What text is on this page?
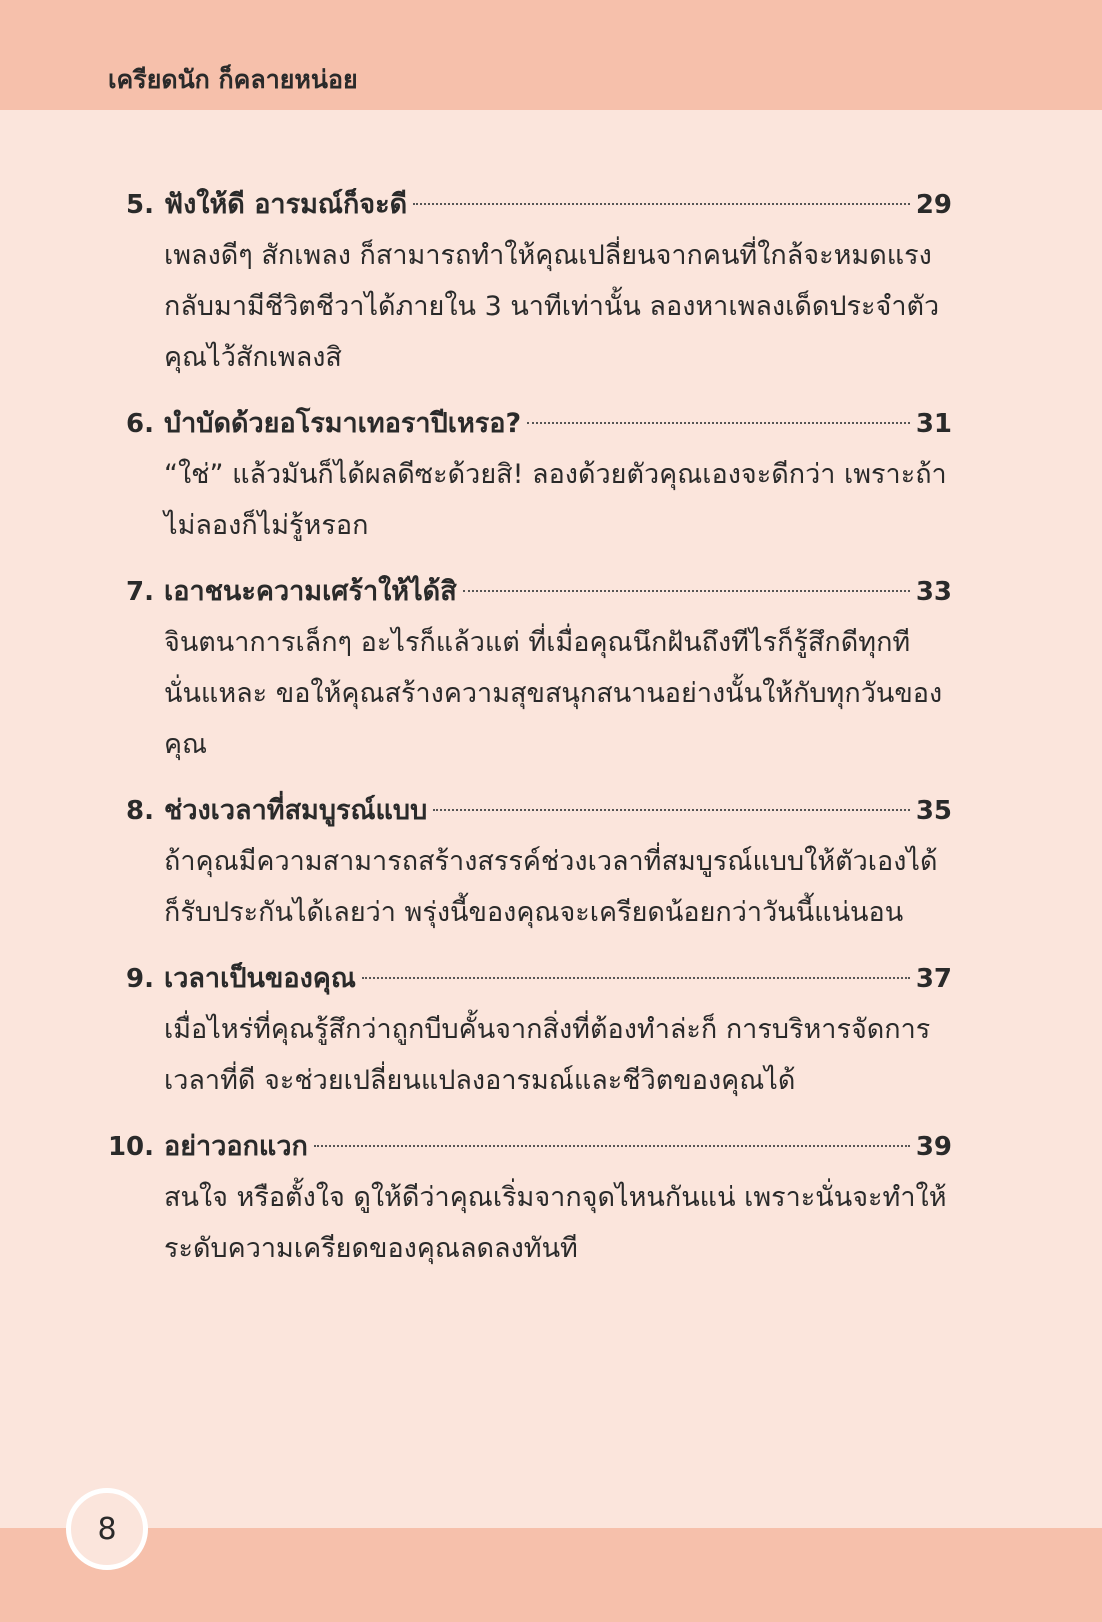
เครียดนัก ก็คลายหน่อย
5. ฟังให้ดี อารมณ์ก็จะดี	29
เพลงดีๆ สักเพลง ก็สามารถทำให้คุณเปลี่ยนจากคนที่ใกล้จะหมดแรง กลับมามีชีวิตชีวาได้ภายใน 3 นาทีเท่านั้น ลองหาเพลงเด็ดประจำตัวคุณไว้สักเพลงสิ
6. บำบัดด้วยอโรมาเทอราปีเหรอ?	31
“ใช่” แล้วมันก็ได้ผลดีซะด้วยสิ! ลองด้วยตัวคุณเองจะดีกว่า เพราะถ้าไม่ลองก็ไม่รู้หรอก
7. เอาชนะความเศร้าให้ได้สิ	33
จินตนาการเล็กๆ อะไรก็แล้วแต่ ที่เมื่อคุณนึกฝันถึงทีไรก็รู้สึกดีทุกที นั่นแหละ ขอให้คุณสร้างความสุขสนุกสนานอย่างนั้นให้กับทุกวันของคุณ
8. ช่วงเวลาที่สมบูรณ์แบบ	35
ถ้าคุณมีความสามารถสร้างสรรค์ช่วงเวลาที่สมบูรณ์แบบให้ตัวเองได้ ก็รับประกันได้เลยว่า พรุ่งนี้ของคุณจะเครียดน้อยกว่าวันนี้แน่นอน
9. เวลาเป็นของคุณ	37
เมื่อไหร่ที่คุณรู้สึกว่าถูกบีบคั้นจากสิ่งที่ต้องทำล่ะก็ การบริหารจัดการเวลาที่ดี จะช่วยเปลี่ยนแปลงอารมณ์และชีวิตของคุณได้
10. อย่าวอกแวก	39
สนใจ หรือตั้งใจ ดูให้ดีว่าคุณเริ่มจากจุดไหนกันแน่ เพราะนั่นจะทำให้ระดับความเครียดของคุณลดลงทันที
8
